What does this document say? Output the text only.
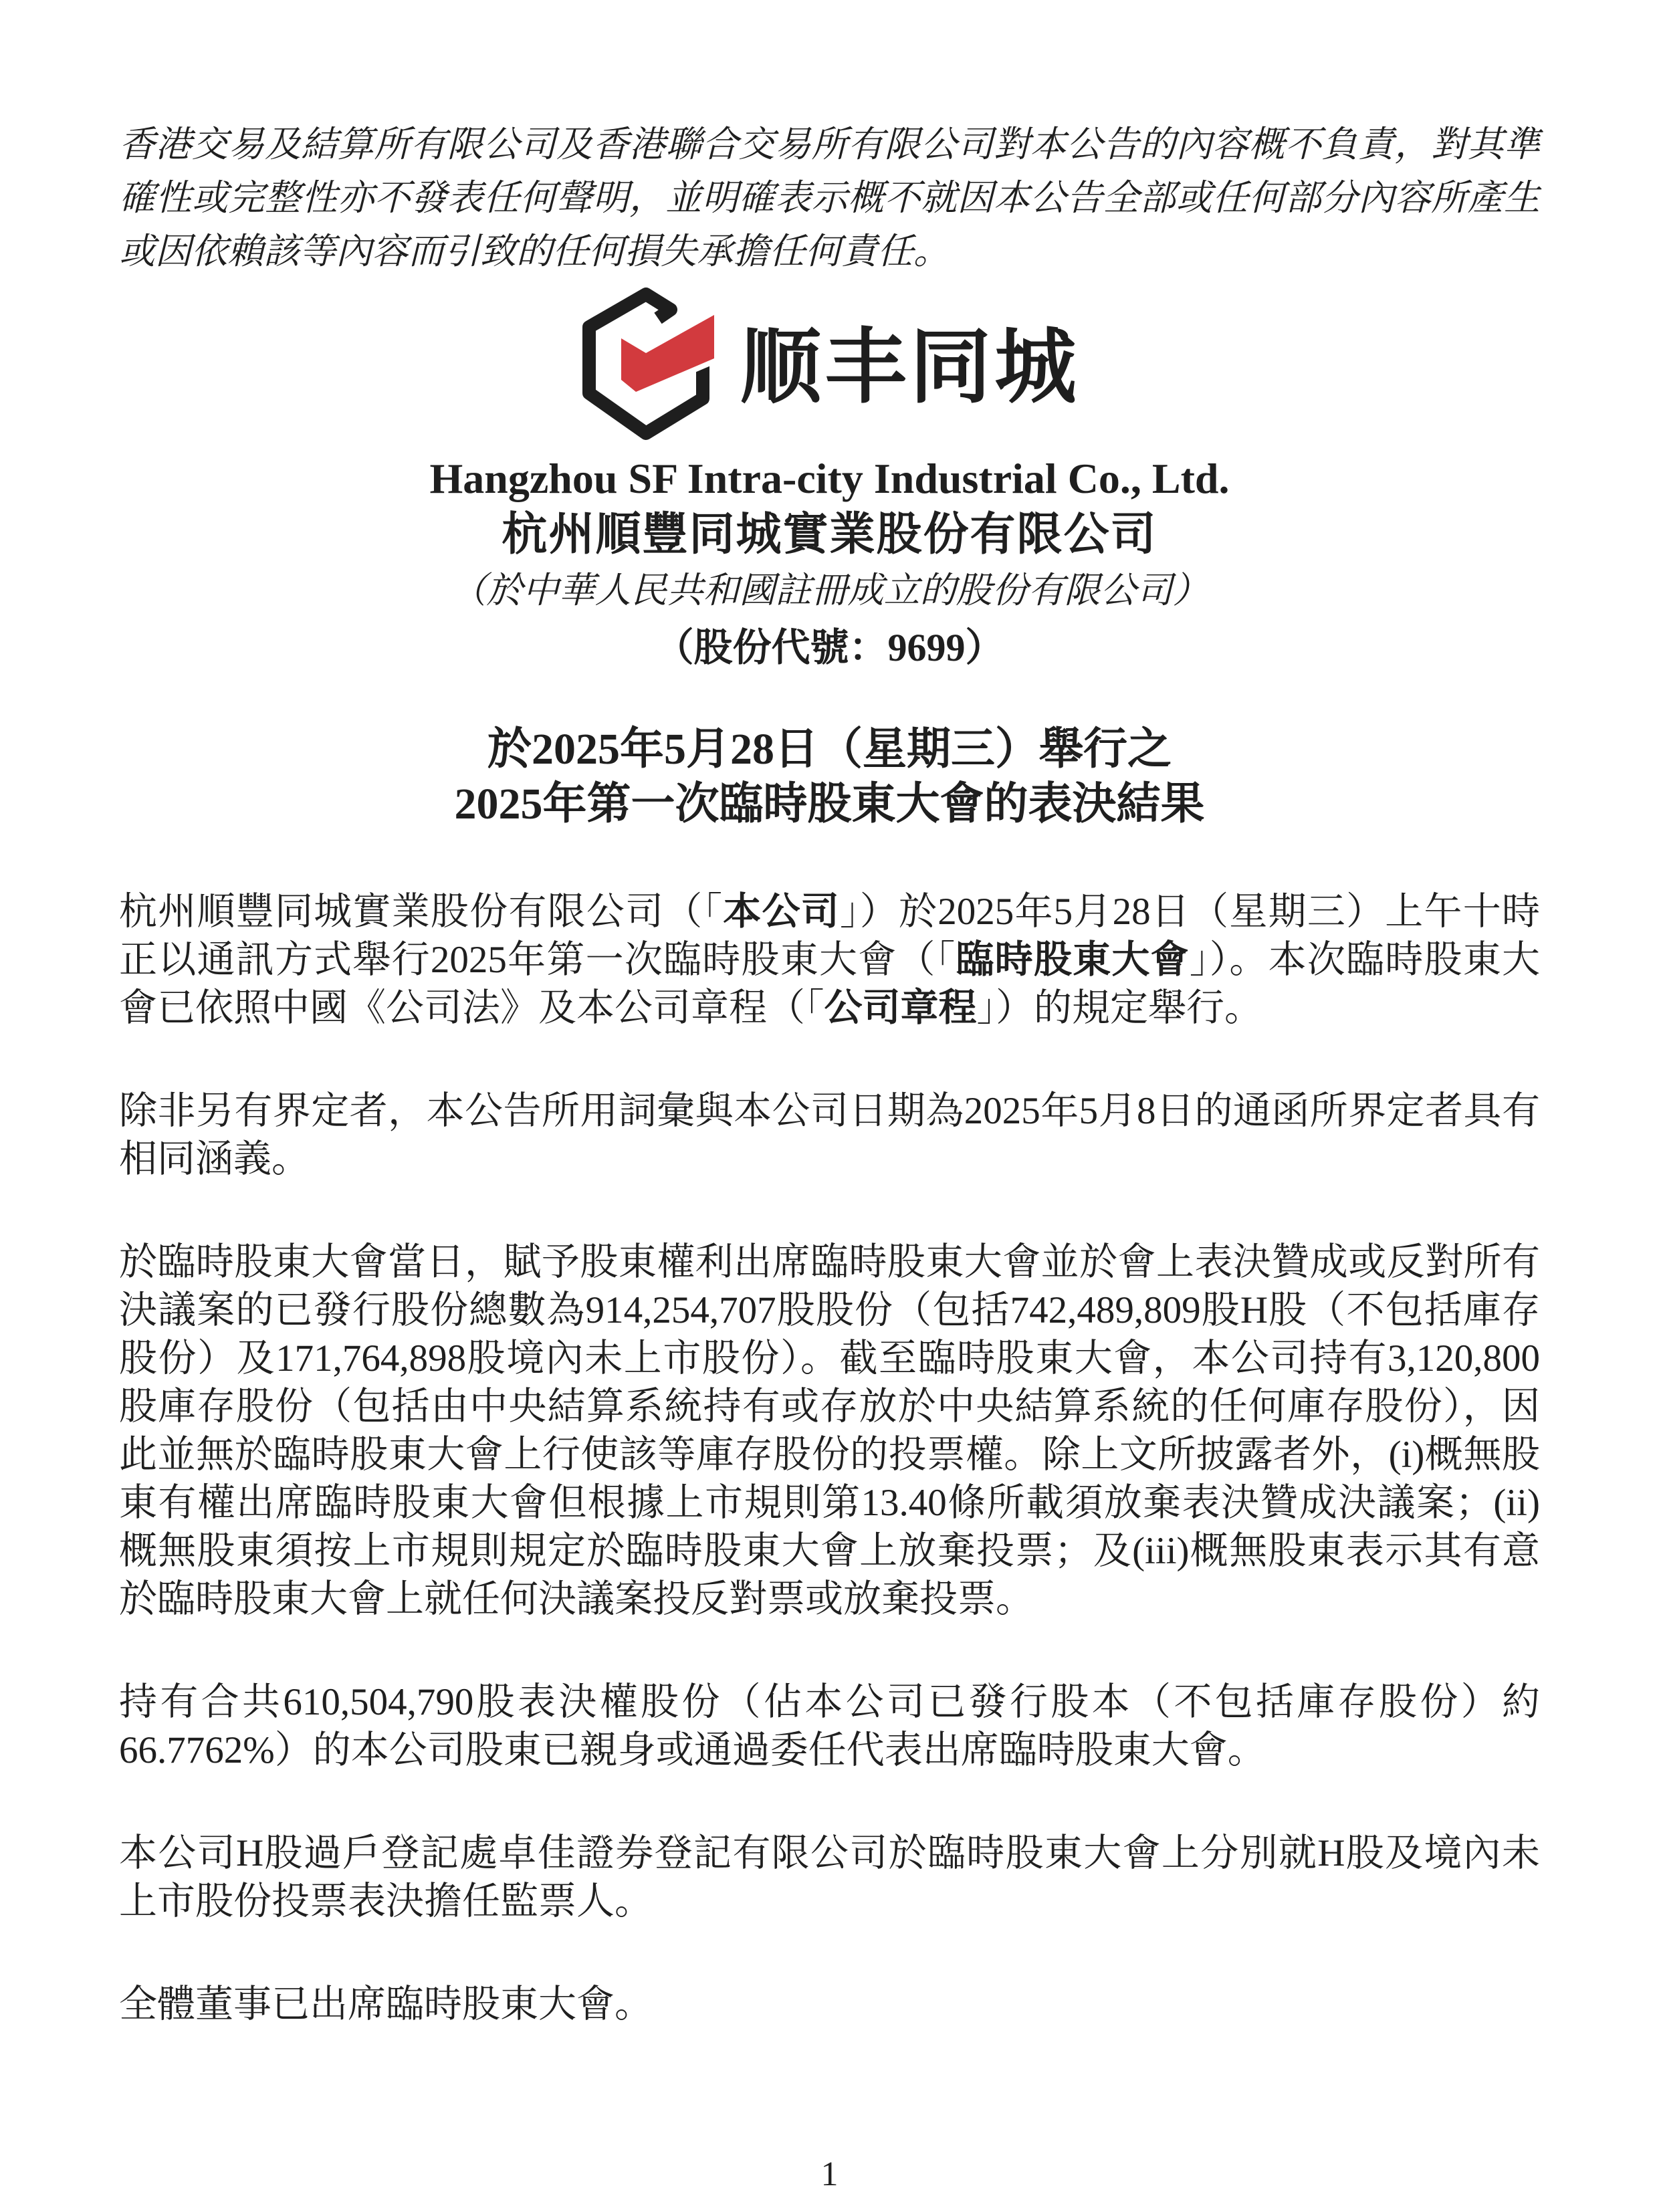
香港交易及結算所有限公司及香港聯合交易所有限公司對本公告的內容概不負責，對其準確性或完整性亦不發表任何聲明，並明確表示概不就因本公告全部或任何部分內容所產生或因依賴該等內容而引致的任何損失承擔任何責任。

顺丰同城
Hangzhou SF Intra-city Industrial Co., Ltd.
杭州順豐同城實業股份有限公司

（於中華人民共和國註冊成立的股份有限公司）

（股份代號：9699）

於2025年5月28日（星期三）舉行之
2025年第一次臨時股東大會的表決結果

杭州順豐同城實業股份有限公司（「本公司」）於2025年5月28日（星期三）上午十時正以通訊方式舉行2025年第一次臨時股東大會（「臨時股東大會」）。本次臨時股東大會已依照中國《公司法》及本公司章程（「公司章程」）的規定舉行。

除非另有界定者，本公告所用詞彙與本公司日期為2025年5月8日的通函所界定者具有相同涵義。

於臨時股東大會當日，賦予股東權利出席臨時股東大會並於會上表決贊成或反對所有決議案的已發行股份總數為914,254,707股股份（包括742,489,809股H股（不包括庫存股份）及171,764,898股境內未上市股份）。截至臨時股東大會，本公司持有3,120,800股庫存股份（包括由中央結算系統持有或存放於中央結算系統的任何庫存股份），因此並無於臨時股東大會上行使該等庫存股份的投票權。除上文所披露者外，(i)概無股東有權出席臨時股東大會但根據上市規則第13.40條所載須放棄表決贊成決議案；(ii)概無股東須按上市規則規定於臨時股東大會上放棄投票；及(iii)概無股東表示其有意於臨時股東大會上就任何決議案投反對票或放棄投票。

持有合共610,504,790股表決權股份（佔本公司已發行股本（不包括庫存股份）約66.7762%）的本公司股東已親身或通過委任代表出席臨時股東大會。

本公司H股過戶登記處卓佳證券登記有限公司於臨時股東大會上分別就H股及境內未上市股份投票表決擔任監票人。

全體董事已出席臨時股東大會。

1
